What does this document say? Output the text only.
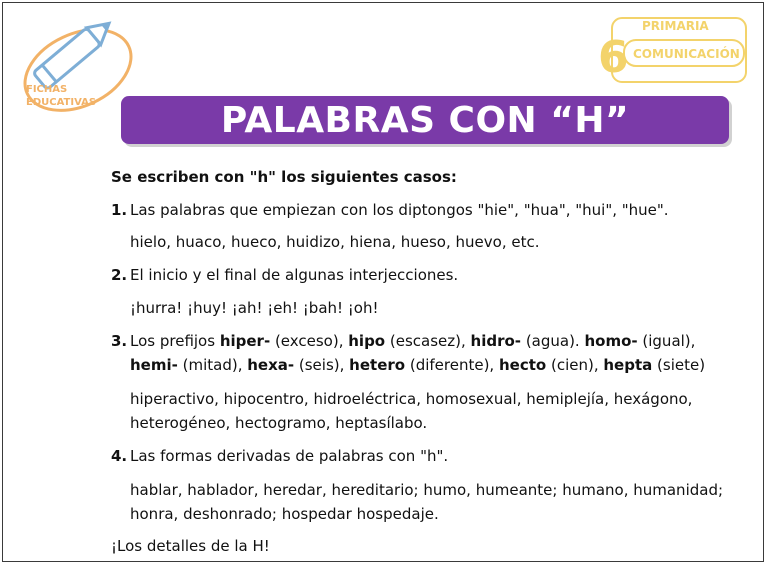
FICHAS
EDUCATIVAS
PRIMARIA
6 COMUNICACIÓN
PALABRAS CON “H”
Se escriben con "h" los siguientes casos:
1. Las palabras que empiezan con los diptongos "hie", "hua", "hui", "hue".
hielo, huaco, hueco, huidizo, hiena, hueso, huevo, etc.
2. El inicio y el final de algunas interjecciones.
¡hurra! ¡huy! ¡ah! ¡eh! ¡bah! ¡oh!
3. Los prefijos hiper- (exceso), hipo (escasez), hidro- (agua). homo- (igual), hemi- (mitad), hexa- (seis), hetero (diferente), hecto (cien), hepta (siete)
hiperactivo, hipocentro, hidroeléctrica, homosexual, hemiplejía, hexágono, heterogéneo, hectogramo, heptasílabo.
4. Las formas derivadas de palabras con "h".
hablar, hablador, heredar, hereditario; humo, humeante; humano, humanidad; honra, deshonrado; hospedar hospedaje.
¡Los detalles de la H!
